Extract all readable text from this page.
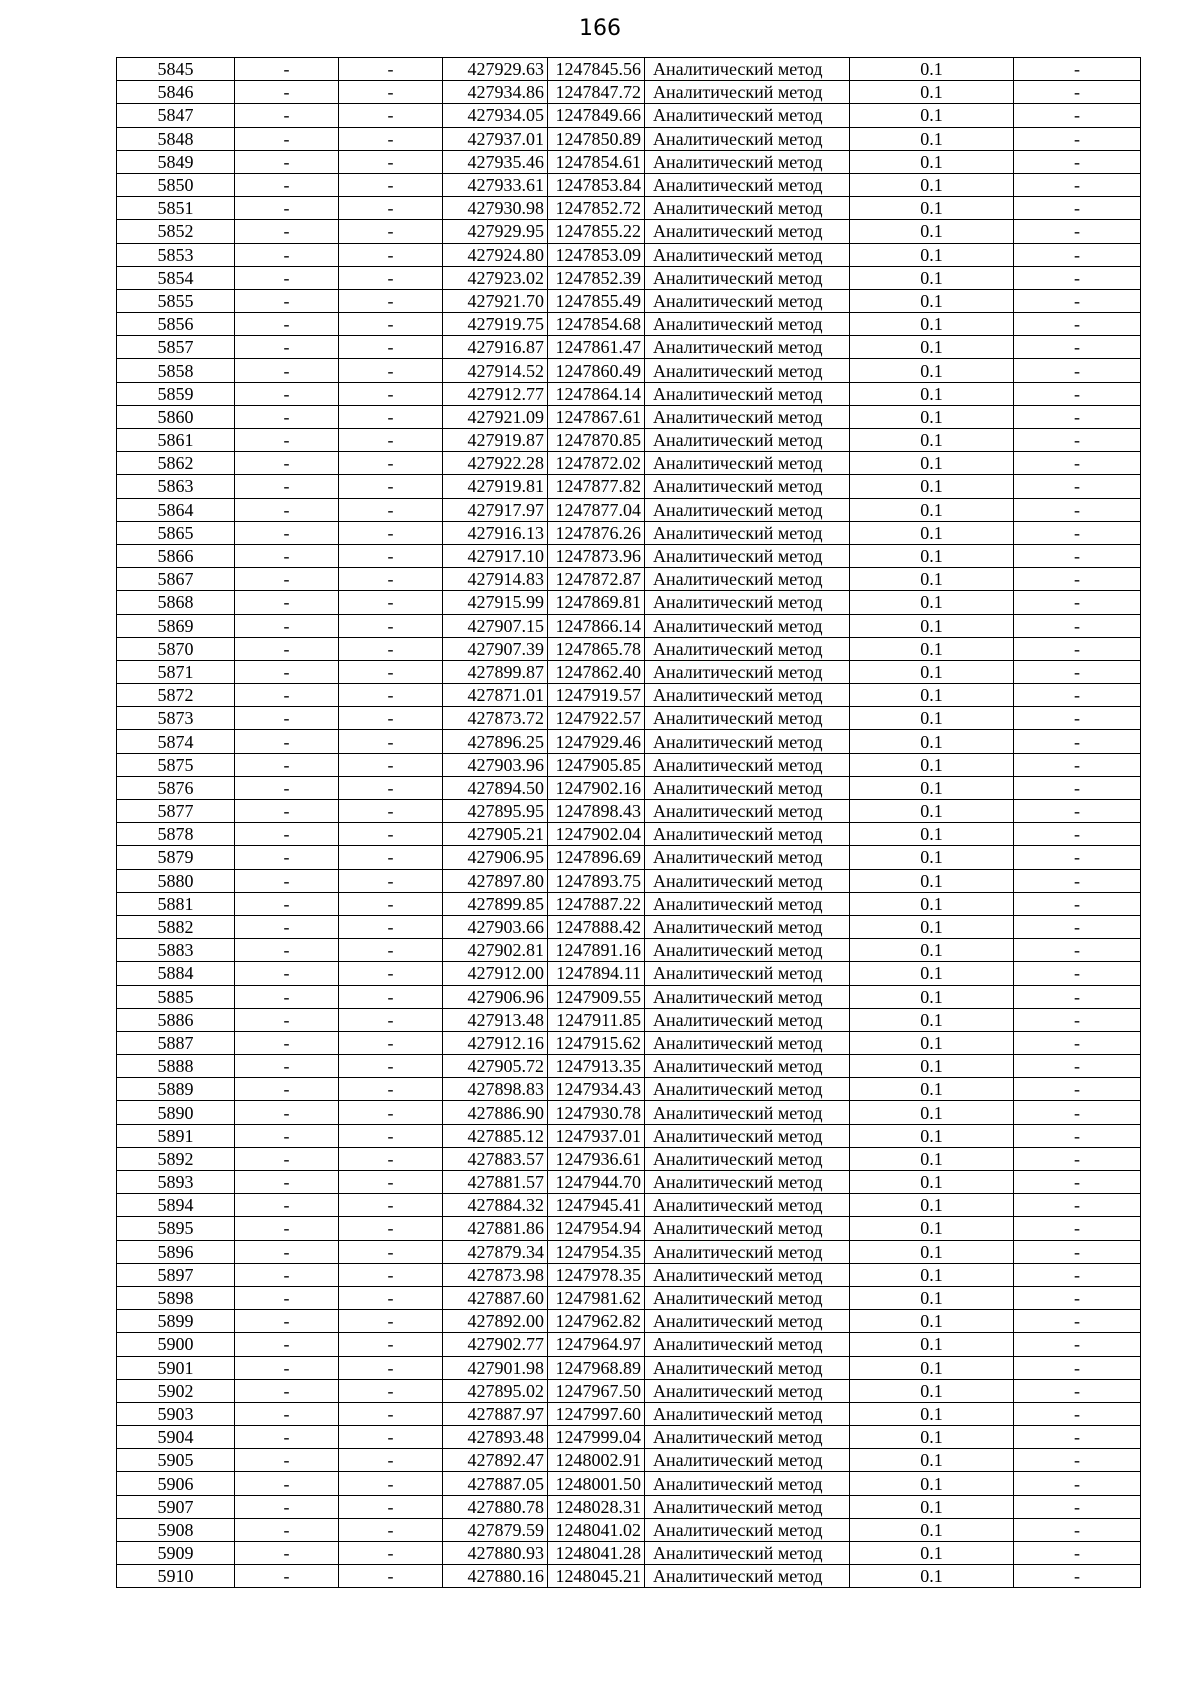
166
5845	-	-	427929.63	1247845.56	Аналитический метод	0.1	-
5846	-	-	427934.86	1247847.72	Аналитический метод	0.1	-
5847	-	-	427934.05	1247849.66	Аналитический метод	0.1	-
5848	-	-	427937.01	1247850.89	Аналитический метод	0.1	-
5849	-	-	427935.46	1247854.61	Аналитический метод	0.1	-
5850	-	-	427933.61	1247853.84	Аналитический метод	0.1	-
5851	-	-	427930.98	1247852.72	Аналитический метод	0.1	-
5852	-	-	427929.95	1247855.22	Аналитический метод	0.1	-
5853	-	-	427924.80	1247853.09	Аналитический метод	0.1	-
5854	-	-	427923.02	1247852.39	Аналитический метод	0.1	-
5855	-	-	427921.70	1247855.49	Аналитический метод	0.1	-
5856	-	-	427919.75	1247854.68	Аналитический метод	0.1	-
5857	-	-	427916.87	1247861.47	Аналитический метод	0.1	-
5858	-	-	427914.52	1247860.49	Аналитический метод	0.1	-
5859	-	-	427912.77	1247864.14	Аналитический метод	0.1	-
5860	-	-	427921.09	1247867.61	Аналитический метод	0.1	-
5861	-	-	427919.87	1247870.85	Аналитический метод	0.1	-
5862	-	-	427922.28	1247872.02	Аналитический метод	0.1	-
5863	-	-	427919.81	1247877.82	Аналитический метод	0.1	-
5864	-	-	427917.97	1247877.04	Аналитический метод	0.1	-
5865	-	-	427916.13	1247876.26	Аналитический метод	0.1	-
5866	-	-	427917.10	1247873.96	Аналитический метод	0.1	-
5867	-	-	427914.83	1247872.87	Аналитический метод	0.1	-
5868	-	-	427915.99	1247869.81	Аналитический метод	0.1	-
5869	-	-	427907.15	1247866.14	Аналитический метод	0.1	-
5870	-	-	427907.39	1247865.78	Аналитический метод	0.1	-
5871	-	-	427899.87	1247862.40	Аналитический метод	0.1	-
5872	-	-	427871.01	1247919.57	Аналитический метод	0.1	-
5873	-	-	427873.72	1247922.57	Аналитический метод	0.1	-
5874	-	-	427896.25	1247929.46	Аналитический метод	0.1	-
5875	-	-	427903.96	1247905.85	Аналитический метод	0.1	-
5876	-	-	427894.50	1247902.16	Аналитический метод	0.1	-
5877	-	-	427895.95	1247898.43	Аналитический метод	0.1	-
5878	-	-	427905.21	1247902.04	Аналитический метод	0.1	-
5879	-	-	427906.95	1247896.69	Аналитический метод	0.1	-
5880	-	-	427897.80	1247893.75	Аналитический метод	0.1	-
5881	-	-	427899.85	1247887.22	Аналитический метод	0.1	-
5882	-	-	427903.66	1247888.42	Аналитический метод	0.1	-
5883	-	-	427902.81	1247891.16	Аналитический метод	0.1	-
5884	-	-	427912.00	1247894.11	Аналитический метод	0.1	-
5885	-	-	427906.96	1247909.55	Аналитический метод	0.1	-
5886	-	-	427913.48	1247911.85	Аналитический метод	0.1	-
5887	-	-	427912.16	1247915.62	Аналитический метод	0.1	-
5888	-	-	427905.72	1247913.35	Аналитический метод	0.1	-
5889	-	-	427898.83	1247934.43	Аналитический метод	0.1	-
5890	-	-	427886.90	1247930.78	Аналитический метод	0.1	-
5891	-	-	427885.12	1247937.01	Аналитический метод	0.1	-
5892	-	-	427883.57	1247936.61	Аналитический метод	0.1	-
5893	-	-	427881.57	1247944.70	Аналитический метод	0.1	-
5894	-	-	427884.32	1247945.41	Аналитический метод	0.1	-
5895	-	-	427881.86	1247954.94	Аналитический метод	0.1	-
5896	-	-	427879.34	1247954.35	Аналитический метод	0.1	-
5897	-	-	427873.98	1247978.35	Аналитический метод	0.1	-
5898	-	-	427887.60	1247981.62	Аналитический метод	0.1	-
5899	-	-	427892.00	1247962.82	Аналитический метод	0.1	-
5900	-	-	427902.77	1247964.97	Аналитический метод	0.1	-
5901	-	-	427901.98	1247968.89	Аналитический метод	0.1	-
5902	-	-	427895.02	1247967.50	Аналитический метод	0.1	-
5903	-	-	427887.97	1247997.60	Аналитический метод	0.1	-
5904	-	-	427893.48	1247999.04	Аналитический метод	0.1	-
5905	-	-	427892.47	1248002.91	Аналитический метод	0.1	-
5906	-	-	427887.05	1248001.50	Аналитический метод	0.1	-
5907	-	-	427880.78	1248028.31	Аналитический метод	0.1	-
5908	-	-	427879.59	1248041.02	Аналитический метод	0.1	-
5909	-	-	427880.93	1248041.28	Аналитический метод	0.1	-
5910	-	-	427880.16	1248045.21	Аналитический метод	0.1	-
